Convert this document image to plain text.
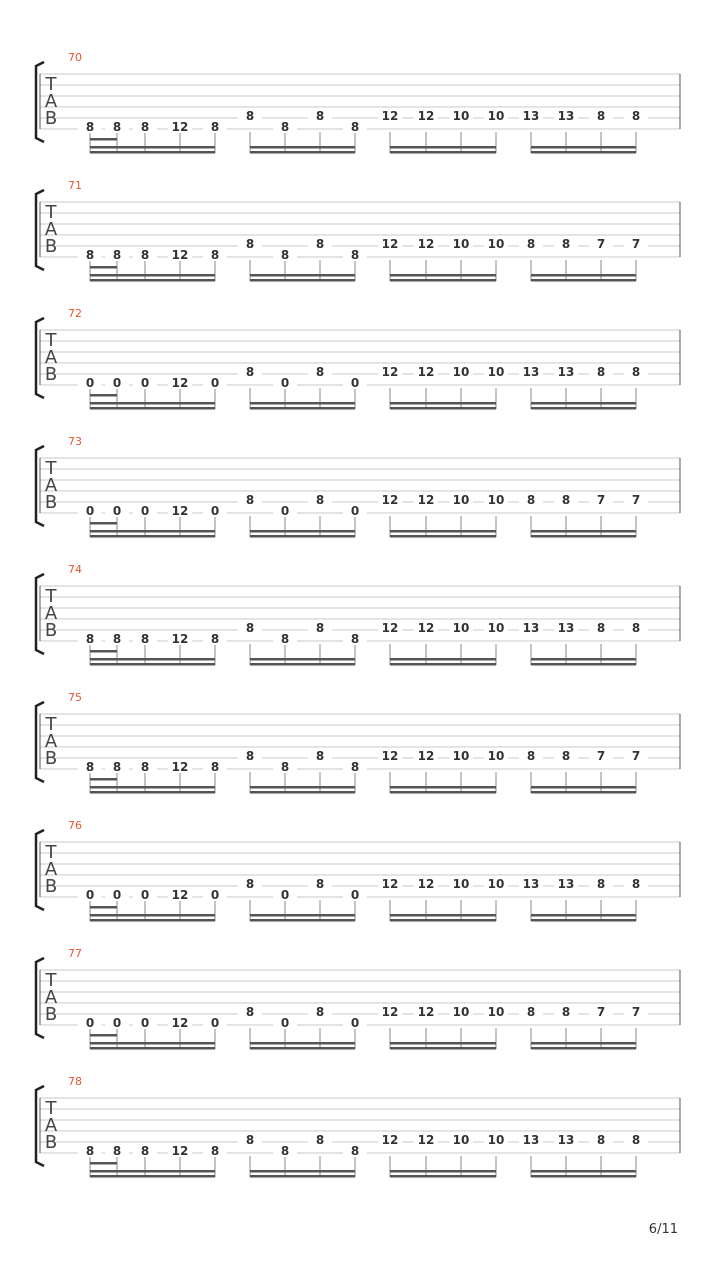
70
T
A
B	8	8	8	12	8
8
8
8
8
12	12	10	10	13	13	8	8
71
T
A
B	8	8	8	12	8
8
8
8
8
12	12	10	10	8	8	7	7
72
T
A
B	0	0	0	12	0
8
0
8
0
12	12	10	10	13	13	8	8
73
T
A
B	0	0	0	12	0
8
0
8
0
12	12	10	10	8	8	7	7
74
T
A
B	8	8	8	12	8
8
8
8
8
12	12	10	10	13	13	8	8
75
T
A
B	8	8	8	12	8
8
8
8
8
12	12	10	10	8	8	7	7
76
T
A
B	0	0	0	12	0
8
0
8
0
12	12	10	10	13	13	8	8
77
T
A
B	0	0	0	12	0
8
0
8
0
12	12	10	10	8	8	7	7
78
T
A
B	8	8	8	12	8
8
8
8
8
12	12	10	10	13	13	8	8
6/11
